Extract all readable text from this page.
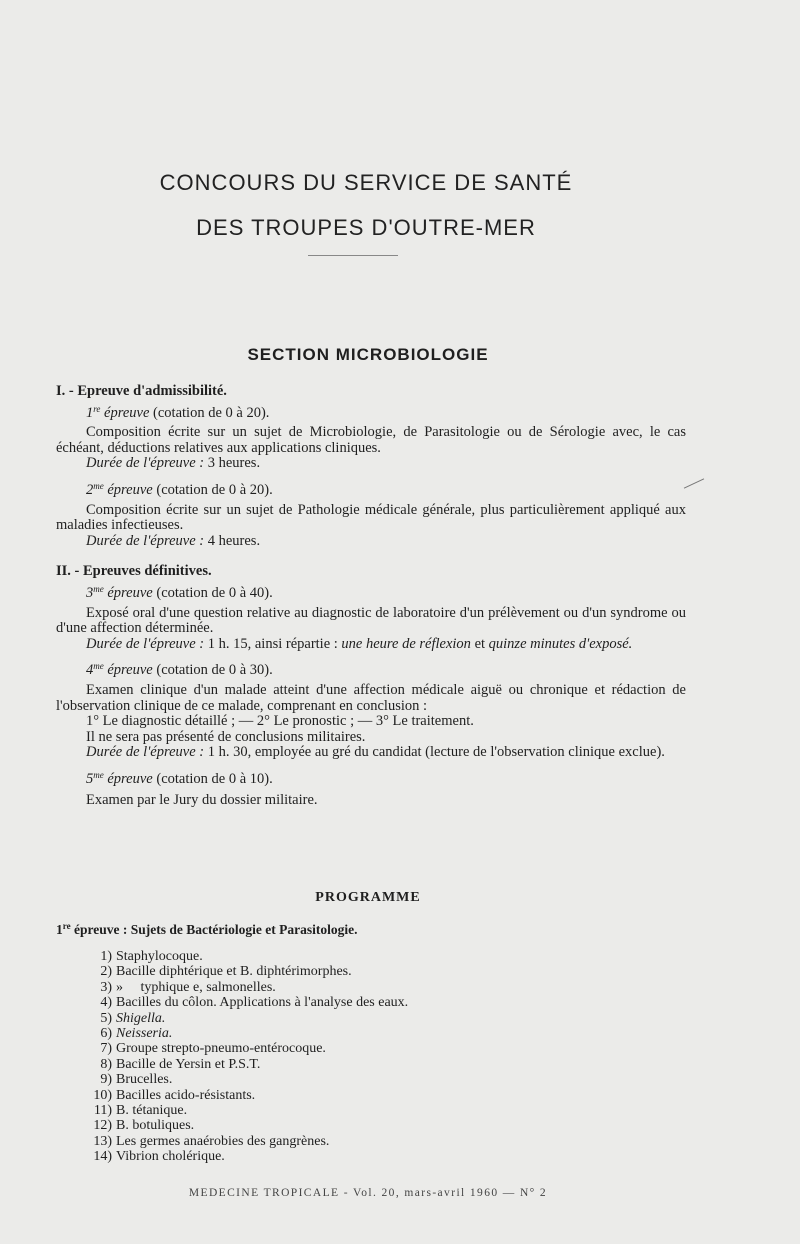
CONCOURS DU SERVICE DE SANTÉ
DES TROUPES D'OUTRE-MER
SECTION MICROBIOLOGIE

I. - Epreuve d'admissibilité.

1re épreuve (cotation de 0 à 20).

Composition écrite sur un sujet de Microbiologie, de Parasitologie ou de Sérologie avec, le cas échéant, déductions relatives aux applications cliniques.

Durée de l'épreuve : 3 heures.

$2^{me}$ épreuve (cotation de 0 à 20).

Composition écrite sur un sujet de Pathologie médicale générale, plus particulièrement appliqué aux maladies infectieuses.

Durée de l'épreuve : 4 heures.

II. - Epreuves définitives.

$3^{me}$ épreuve (cotation de 0 à 40).

Exposé oral d'une question relative au diagnostic de laboratoire d'un prélèvement ou d'un syndrome ou d'une affection déterminée.

Durée de l'épreuve : 1 h. 15, ainsi répartie : une heure de réflexion et quinze minutes d'exposé.

$4^{me}$ épreuve (cotation de 0 à 30).

Examen clinique d'un malade atteint d'une affection médicale aiguë ou chronique et rédaction de l'observation clinique de ce malade, comprenant en conclusion :

1° Le diagnostic détaillé ; — 2° Le pronostic ; — 3° Le traitement.

Il ne sera pas présenté de conclusions militaires.

Durée de l'épreuve : 1 h. 30, employée au gré du candidat (lecture de l'observation clinique exclue).

$5^{me}$ épreuve (cotation de 0 à 10).

Examen par le Jury du dossier militaire.

PROGRAMME
1re épreuve : Sujets de Bactériologie et Parasitologie.
1) Staphylocoque.
2) Bacille diphtérique et B. diphtérimorphes.
3) »     typhique e, salmonelles.
4) Bacilles du côlon. Applications à l'analyse des eaux.
5) Shigella.
6) Neisseria.
7) Groupe strepto-pneumo-entérocoque.
8) Bacille de Yersin et P.S.T.
9) Brucelles.
10) Bacilles acido-résistants.
11) B. tétanique.
12) B. botuliques.
13) Les germes anaérobies des gangrènes.
14) Vibrion cholérique.
MEDECINE TROPICALE - Vol. 20, mars-avril 1960 — N° 2
